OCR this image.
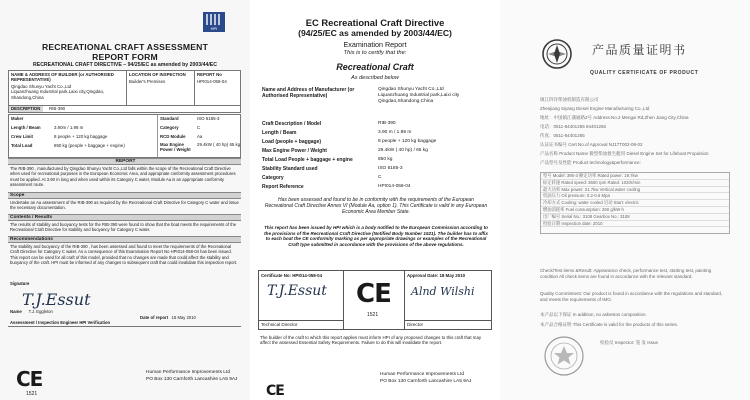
HPI
RECREATIONAL CRAFT ASSESSMENT
REPORT FORM
RECREATIONAL CRAFT DIRECTIVE – 94/25/EC as amended by 2003/44/EC
NAME & ADDRESS OF BUILDER (or AUTHORISED REPRESENTATIVE)
Qingdao Shunyu Yacht Co.,Ltd
Liquanzhuang Industrial park,Laixi city,Qingdao,
Shandong,China
LOCATION OF INSPECTION
Builder's Premises
REPORT No
HPI014-058-04
DESCRIPTION	RIB-390
Maker
Length / Beam	3.90m / 1.98 m
Crew Limit	8 people + 120 kg baggage
Total Load	850 kg (people + baggage + engine)
Standard	ISO 6185-3
Category	C
RCD Module	Aa
Max Engine Power / Weight
29.4kW ( 40 hp) 65 kg
REPORT
The RIB-390 , manufactured by Qingdao Shunyu Yacht Co.,Ltd falls within the scope of the Recreational Craft Directive when used for recreational purposes in the European Economic Area, and appropriate conformity assessment procedures must be applied. At 3.90 m long and when used within its Category C water, Module Aa is an appropriate conformity assessment route.
Scope
Undertake an Aa assessment of the RIB-390 as required by the Recreational Craft Directive for Category C water and issue the necessary documentation.
Contents / Results
The results of stability and buoyancy tests for the RIB-390 were found to show that the boat meets the requirements of the Recreational Craft Directive for stability and buoyancy for Category C water.
Recommendations
The stability and buoyancy of the RIB-390 , has been assessed and found to meet the requirements of the Recreational Craft Directive for Category C water. As a consequence of this Examination Report No HPI014-058-04 has been issued. This report can be used for all craft of this model, provided that no changes are made that could affect the stability and buoyancy of the craft. HPI must be informed of any changes to subsequent craft that could invalidate this inspection report.
Signature
T.J.Essut
Name T.J. Eggleton
Date of report 18 May 2010
Assessment / Inspection Engineer HPI Verification
CE
1521
Human Performance Improvements Ltd
PO Box 130 Carnforth Lancashire LA5 9AJ
EC Recreational Craft Directive
(94/25/EC as amended by 2003/44/EC)
Examination Report
This is to certify that the:
Recreational Craft
As described below
Name and Address of Manufacturer (or Authorised Representative)
Qingdao Shunyu Yacht Co.,Ltd
Liquanzhuang Industrial park,Laixi city
Qingdao,Shandong,China
Craft Description / Model	RIB-390
Length / Beam	3.90 m / 1.98 m
Load (people + baggage)	8 people + 120 kg baggage
Max Engine Power / Weight	29.4kW ( 40 hp) / 65 kg
Total Load People + baggage + engine	850 kg
Stability Standard used	ISO 6185-3
Category	C
Report Reference	HPI014-058-04
Has been assessed and found to be in conformity with the requirements of the European Recreational Craft Directive Annex VI (Module Aa, option 1). This Certificate is valid in any European Economic Area Member State.
This report has been issued by HPI which is a body notified to the European Commission according to the provisions of the Recreational Craft Directive (Notified Body Number 1521). The builder has to affix to each boat the CE conformity marking as per appropriate drawings or examples of the Recreational Craft type submitted in accordance with the provisions of the above regulations.
Certificate No: HPI014-058-04
T.J.Essut
Technical Director
CE
1521
Approval Date: 18 May 2010
Alnd Wilshi
Director
The builder of the craft to which this report applies must inform HPI of any proposed changes to this craft that may affect the assessed Essential Safety Requirements. Failure to do this will invalidate the report.
Human Performance Improvements Ltd
PO Box 130 Carnforth Lancashire LA5 9AJ
CE
产品质量证明书
QUALITY CERTIFICATE OF PRODUCT
镇江四洋柴油机制造有限公司
Zhenjiang Siyang Diesel Engine Manufacturing Co.,Ltd
地址：中国镇江蒲通路2号 Address:No.2 Mengxi Rd,Zhen Jiang City,China
电话：0511-84401265 84401256
传真：0511-84401265
认证证书编号 Cert.No.of Approval NJ17T002-08-02
产品名称 Product Name 微型柴油救生艇用 Diesel Engine Set for Lifeboat Propulsion
产品型号及性能 Product technology&performance:
型号 Model: 390-3 额定功率 Rated power: 19.7kw
标定转速 Rated speed: 3600 rpm Rated: 1020r/min
最大功率 Max power: 21.7kw Vertical water cooling
机油压力 Oil pressure: 0.2-0.6 Mpa
冷却方式 Cooling: water cooled 启动 Start: electric
燃油消耗率 Fuel consumption: 260 g/kW·h
出厂编号 Serial No.: 3108 Gearbox No.: 3108
检验日期 Inspection date: 2010
Check/Test items &Result: Appearance check, performance test, starting test, painting condition All check items are found in accordance with the relevant standard.
Quality Commitment: Our product is found in accordance with the regulations and standard, and meets the requirements of IMO.
本产品以下保证 In addition, no asbestos composition.
本产品合格证明 This Certificate is valid for the products of this series.
检验员 Inspector: 签 发 Issue
